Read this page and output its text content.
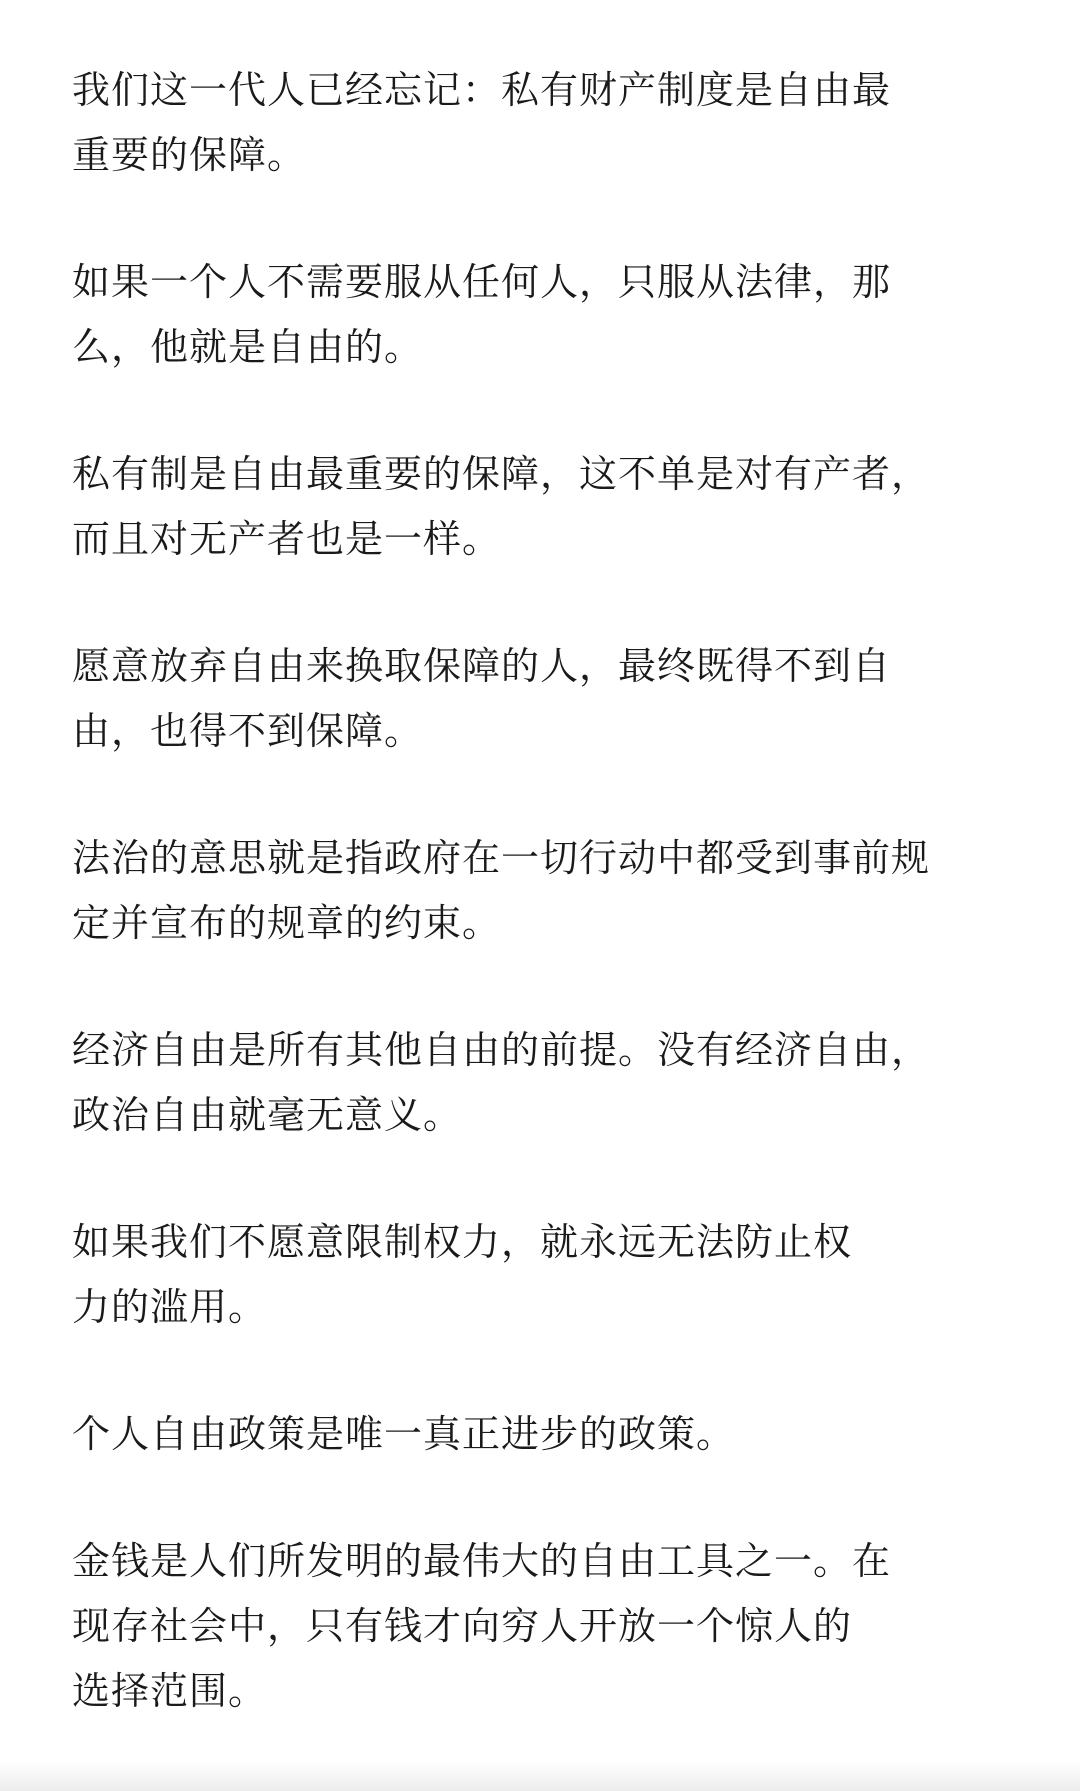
我们这一代人已经忘记：私有财产制度是自由最
重要的保障。

如果一个人不需要服从任何人，只服从法律，那
么，他就是自由的。

私有制是自由最重要的保障，这不单是对有产者，
而且对无产者也是一样。

愿意放弃自由来换取保障的人，最终既得不到自
由，也得不到保障。

法治的意思就是指政府在一切行动中都受到事前规
定并宣布的规章的约束。

经济自由是所有其他自由的前提。没有经济自由，
政治自由就毫无意义。

如果我们不愿意限制权力，就永远无法防止权
力的滥用。

个人自由政策是唯一真正进步的政策。

金钱是人们所发明的最伟大的自由工具之一。在
现存社会中，只有钱才向穷人开放一个惊人的
选择范围。
